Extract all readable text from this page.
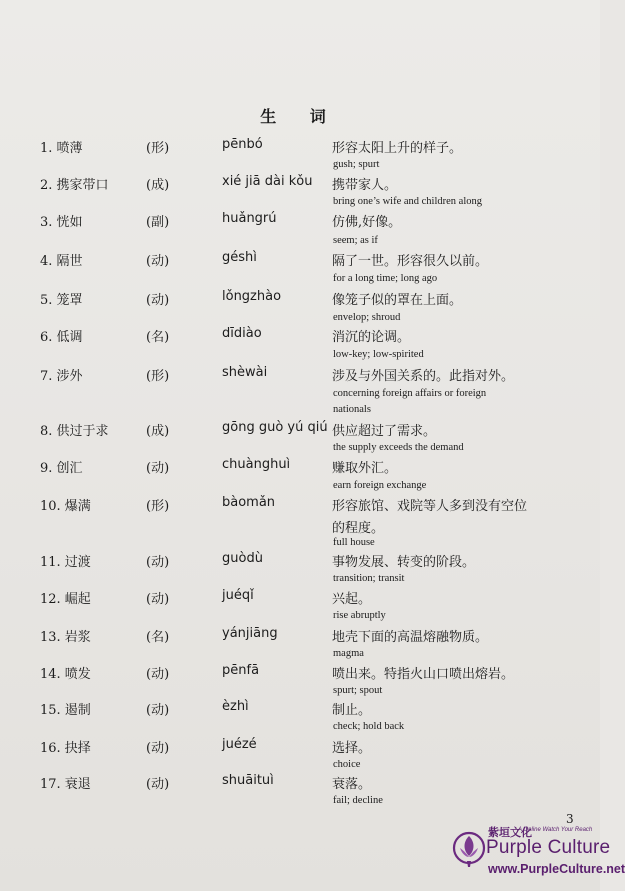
生 词
1. 喷薄	(形)	pēnbó	形容太阳上升的样子。
gush; spurt
2. 携家带口	(成)	xié jiā dài kǒu 携带家人。
bring one’s wife and children along
3. 恍如	(副)	huǎngrú	仿佛,好像。
seem; as if
4. 隔世	(动)	géshì	隔了一世。形容很久以前。
for a long time; long ago
5. 笼罩	(动)	lǒngzhào	像笼子似的罩在上面。
envelop; shroud
6. 低调	(名)	dīdiào	消沉的论调。
low-key; low-spirited
7. 涉外	(形)	shèwài	涉及与外国关系的。此指对外。
concerning foreign affairs or foreign
nationals
8. 供过于求	(成)	gōng guò yú qiú 供应超过了需求。
the supply exceeds the demand
9. 创汇	(动)	chuànghuì	赚取外汇。
earn foreign exchange
10. 爆满	(形)	bàomǎn	形容旅馆、戏院等人多到没有空位
的程度。
full house
11. 过渡	(动)	guòdù	事物发展、转变的阶段。
transition; transit
12. 崛起	(动)	juéqǐ	兴起。
rise abruptly
13. 岩浆	(名)	yánjiāng	地壳下面的高温熔融物质。
magma
14. 喷发	(动)	pēnfā	喷出来。特指火山口喷出熔岩。
spurt; spout
15. 遏制	(动)	èzhì	制止。
check; hold back
16. 抉择	(动)	juézé	选择。
choice
17. 衰退	(动)	shuāituì	衰落。
fail; decline
3
紫垣文化
A Online Watch Your Reach
Purple Culture
www.PurpleCulture.net
